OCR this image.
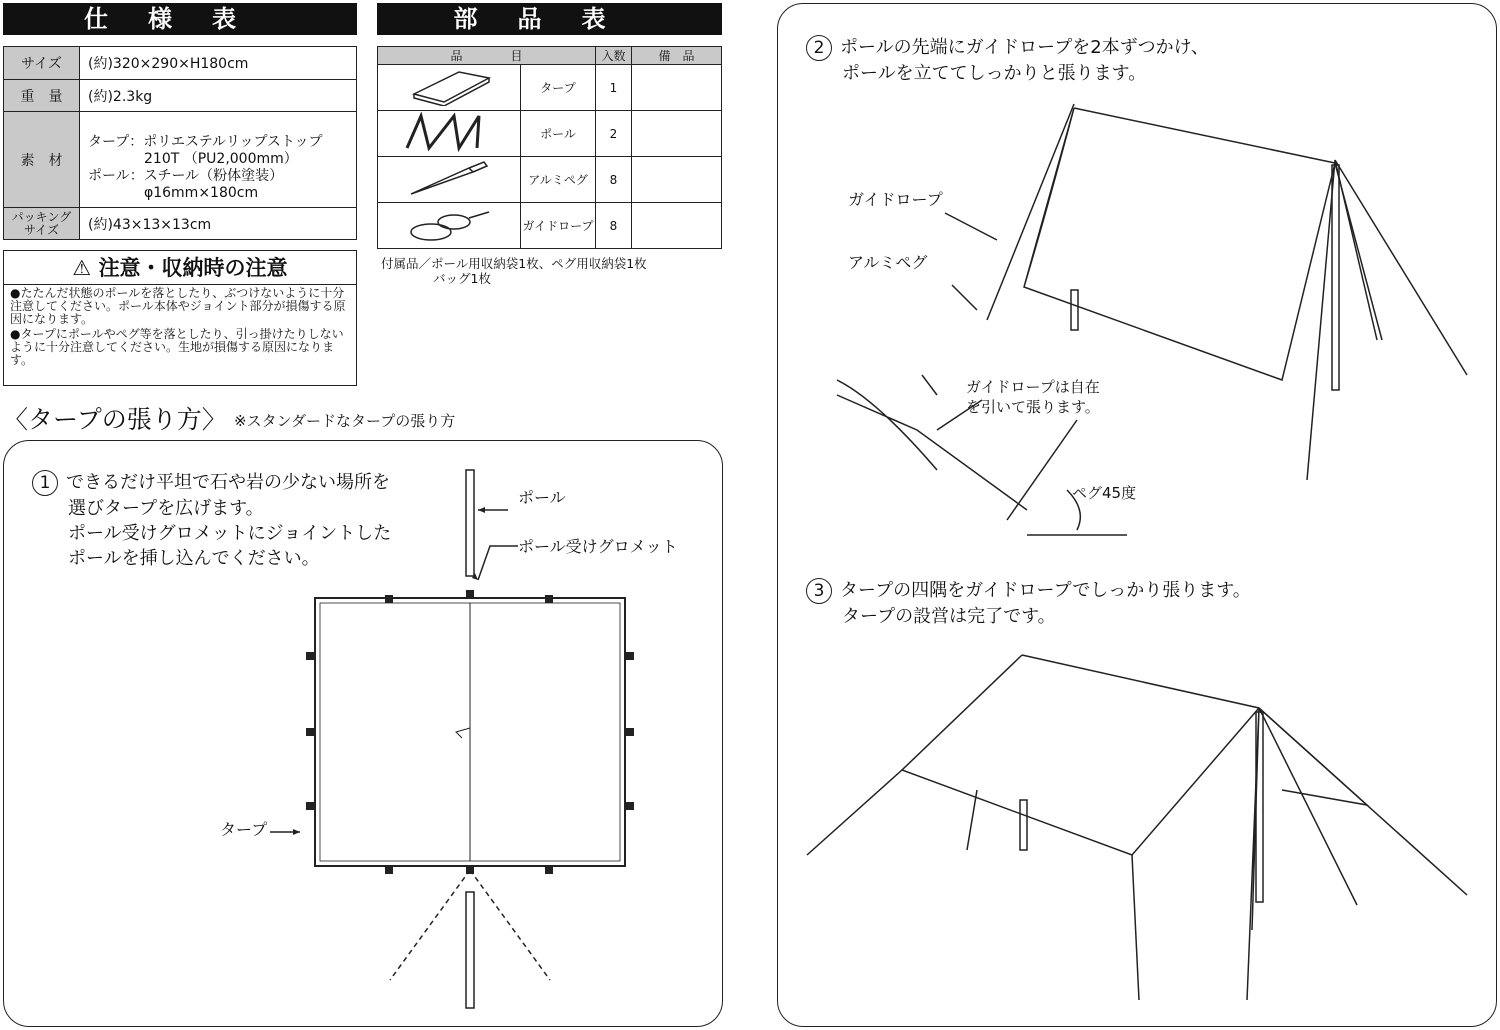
仕様表
サイズ	(約)320×290×H180cm
重　量	(約)2.3kg
素　材	タープ：ポリエステルリップストップ
　　　　210T （PU2,000mm）
ポール：スチール（粉体塗装）
　　　　φ16mm×180cm

パッキング サイズ	(約)43×13×13cm
⚠ 注意・収納時の注意

●たたんだ状態のポールを落としたり、ぶつけないように十分注意してください。ポール本体やジョイント部分が損傷する原因になります。

●タープにポールやペグ等を落としたり、引っ掛けたりしないように十分注意してください。生地が損傷する原因になります。

部品表
品　　　　目		入数	備　品
	タープ	1	
	ポール	2	
	アルミペグ	8	
	ガイドロープ	8	
付属品／ポール用収納袋1枚、ペグ用収納袋1枚
バッグ1枚
〈タープの張り方〉 ※スタンダードなタープの張り方
1 できるだけ平坦で石や岩の少ない場所を
選びタープを広げます。
ポール受けグロメットにジョイントした
ポールを挿し込んでください。
ポール
ポール受けグロメット
タープ
2 ポールの先端にガイドロープを2本ずつかけ、
ポールを立ててしっかりと張ります。
ガイドロープ
アルミペグ
ガイドロープは自在
を引いて張ります。
ペグ45度
3 タープの四隅をガイドロープでしっかり張ります。
タープの設営は完了です。
